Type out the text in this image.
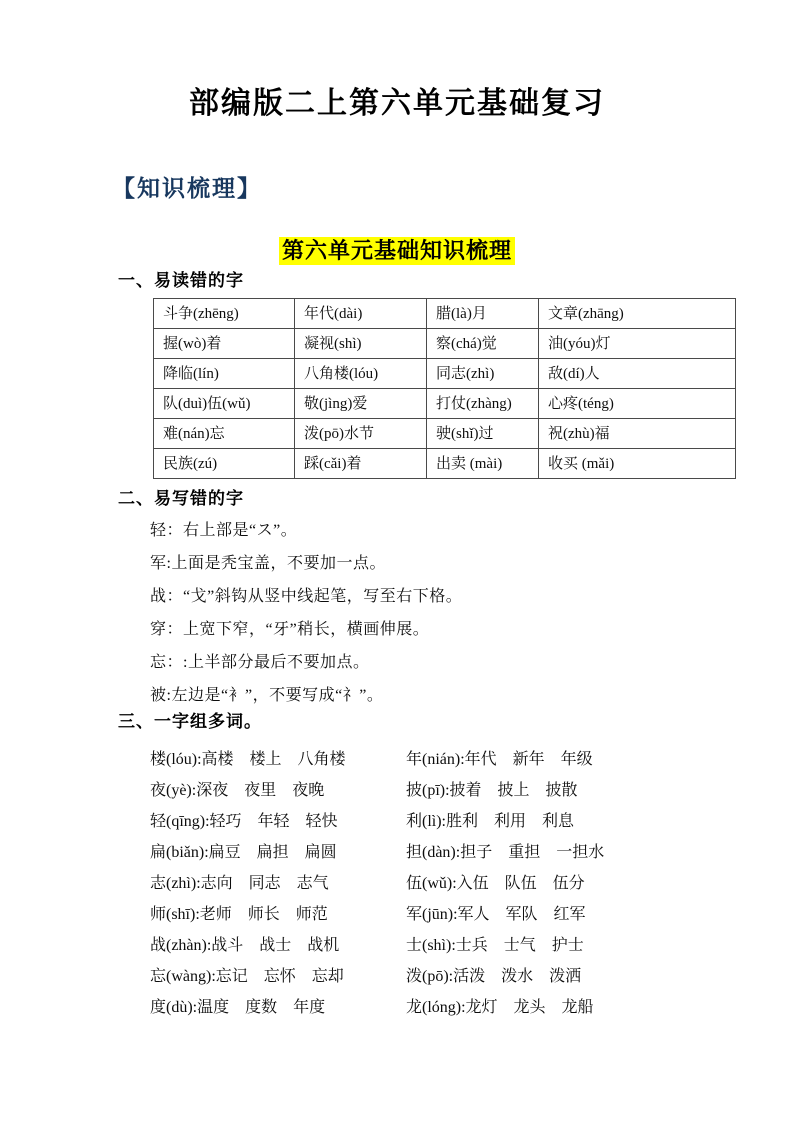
部编版二上第六单元基础复习
【知识梳理】
第六单元基础知识梳理
一、易读错的字
斗争(zhēng)	年代(dài)	腊(là)月	文章(zhāng)
握(wò)着	凝视(shì)	察(chá)觉	油(yóu)灯
降临(lín)	八角楼(lóu)	同志(zhì)	敌(dí)人
队(duì)伍(wǔ)	敬(jìng)爱	打仗(zhàng)	心疼(téng)
难(nán)忘	泼(pō)水节	驶(shǐ)过	祝(zhù)福
民族(zú)	踩(cǎi)着	出卖 (mài)	收买 (mǎi)
二、易写错的字
轻：右上部是“ス”。
军:上面是秃宝盖，不要加一点。
战：“戈”斜钩从竖中线起笔，写至右下格。
穿：上宽下窄，“牙”稍长，横画伸展。
忘：:上半部分最后不要加点。
被:左边是“衤”，不要写成“礻”。
三、一字组多词。
楼(lóu):高楼　楼上　八角楼	年(nián):年代　新年　年级
夜(yè):深夜　夜里　夜晚	披(pī):披着　披上　披散
轻(qīng):轻巧　年轻　轻快	利(lì):胜利　利用　利息
扁(biǎn):扁豆　扁担　扁圆	担(dàn):担子　重担　一担水
志(zhì):志向　同志　志气	伍(wǔ):入伍　队伍　伍分
师(shī):老师　师长　师范	军(jūn):军人　军队　红军
战(zhàn):战斗　战士　战机	士(shì):士兵　士气　护士
忘(wàng):忘记　忘怀　忘却	泼(pō):活泼　泼水　泼洒
度(dù):温度　度数　年度	龙(lóng):龙灯　龙头　龙船
